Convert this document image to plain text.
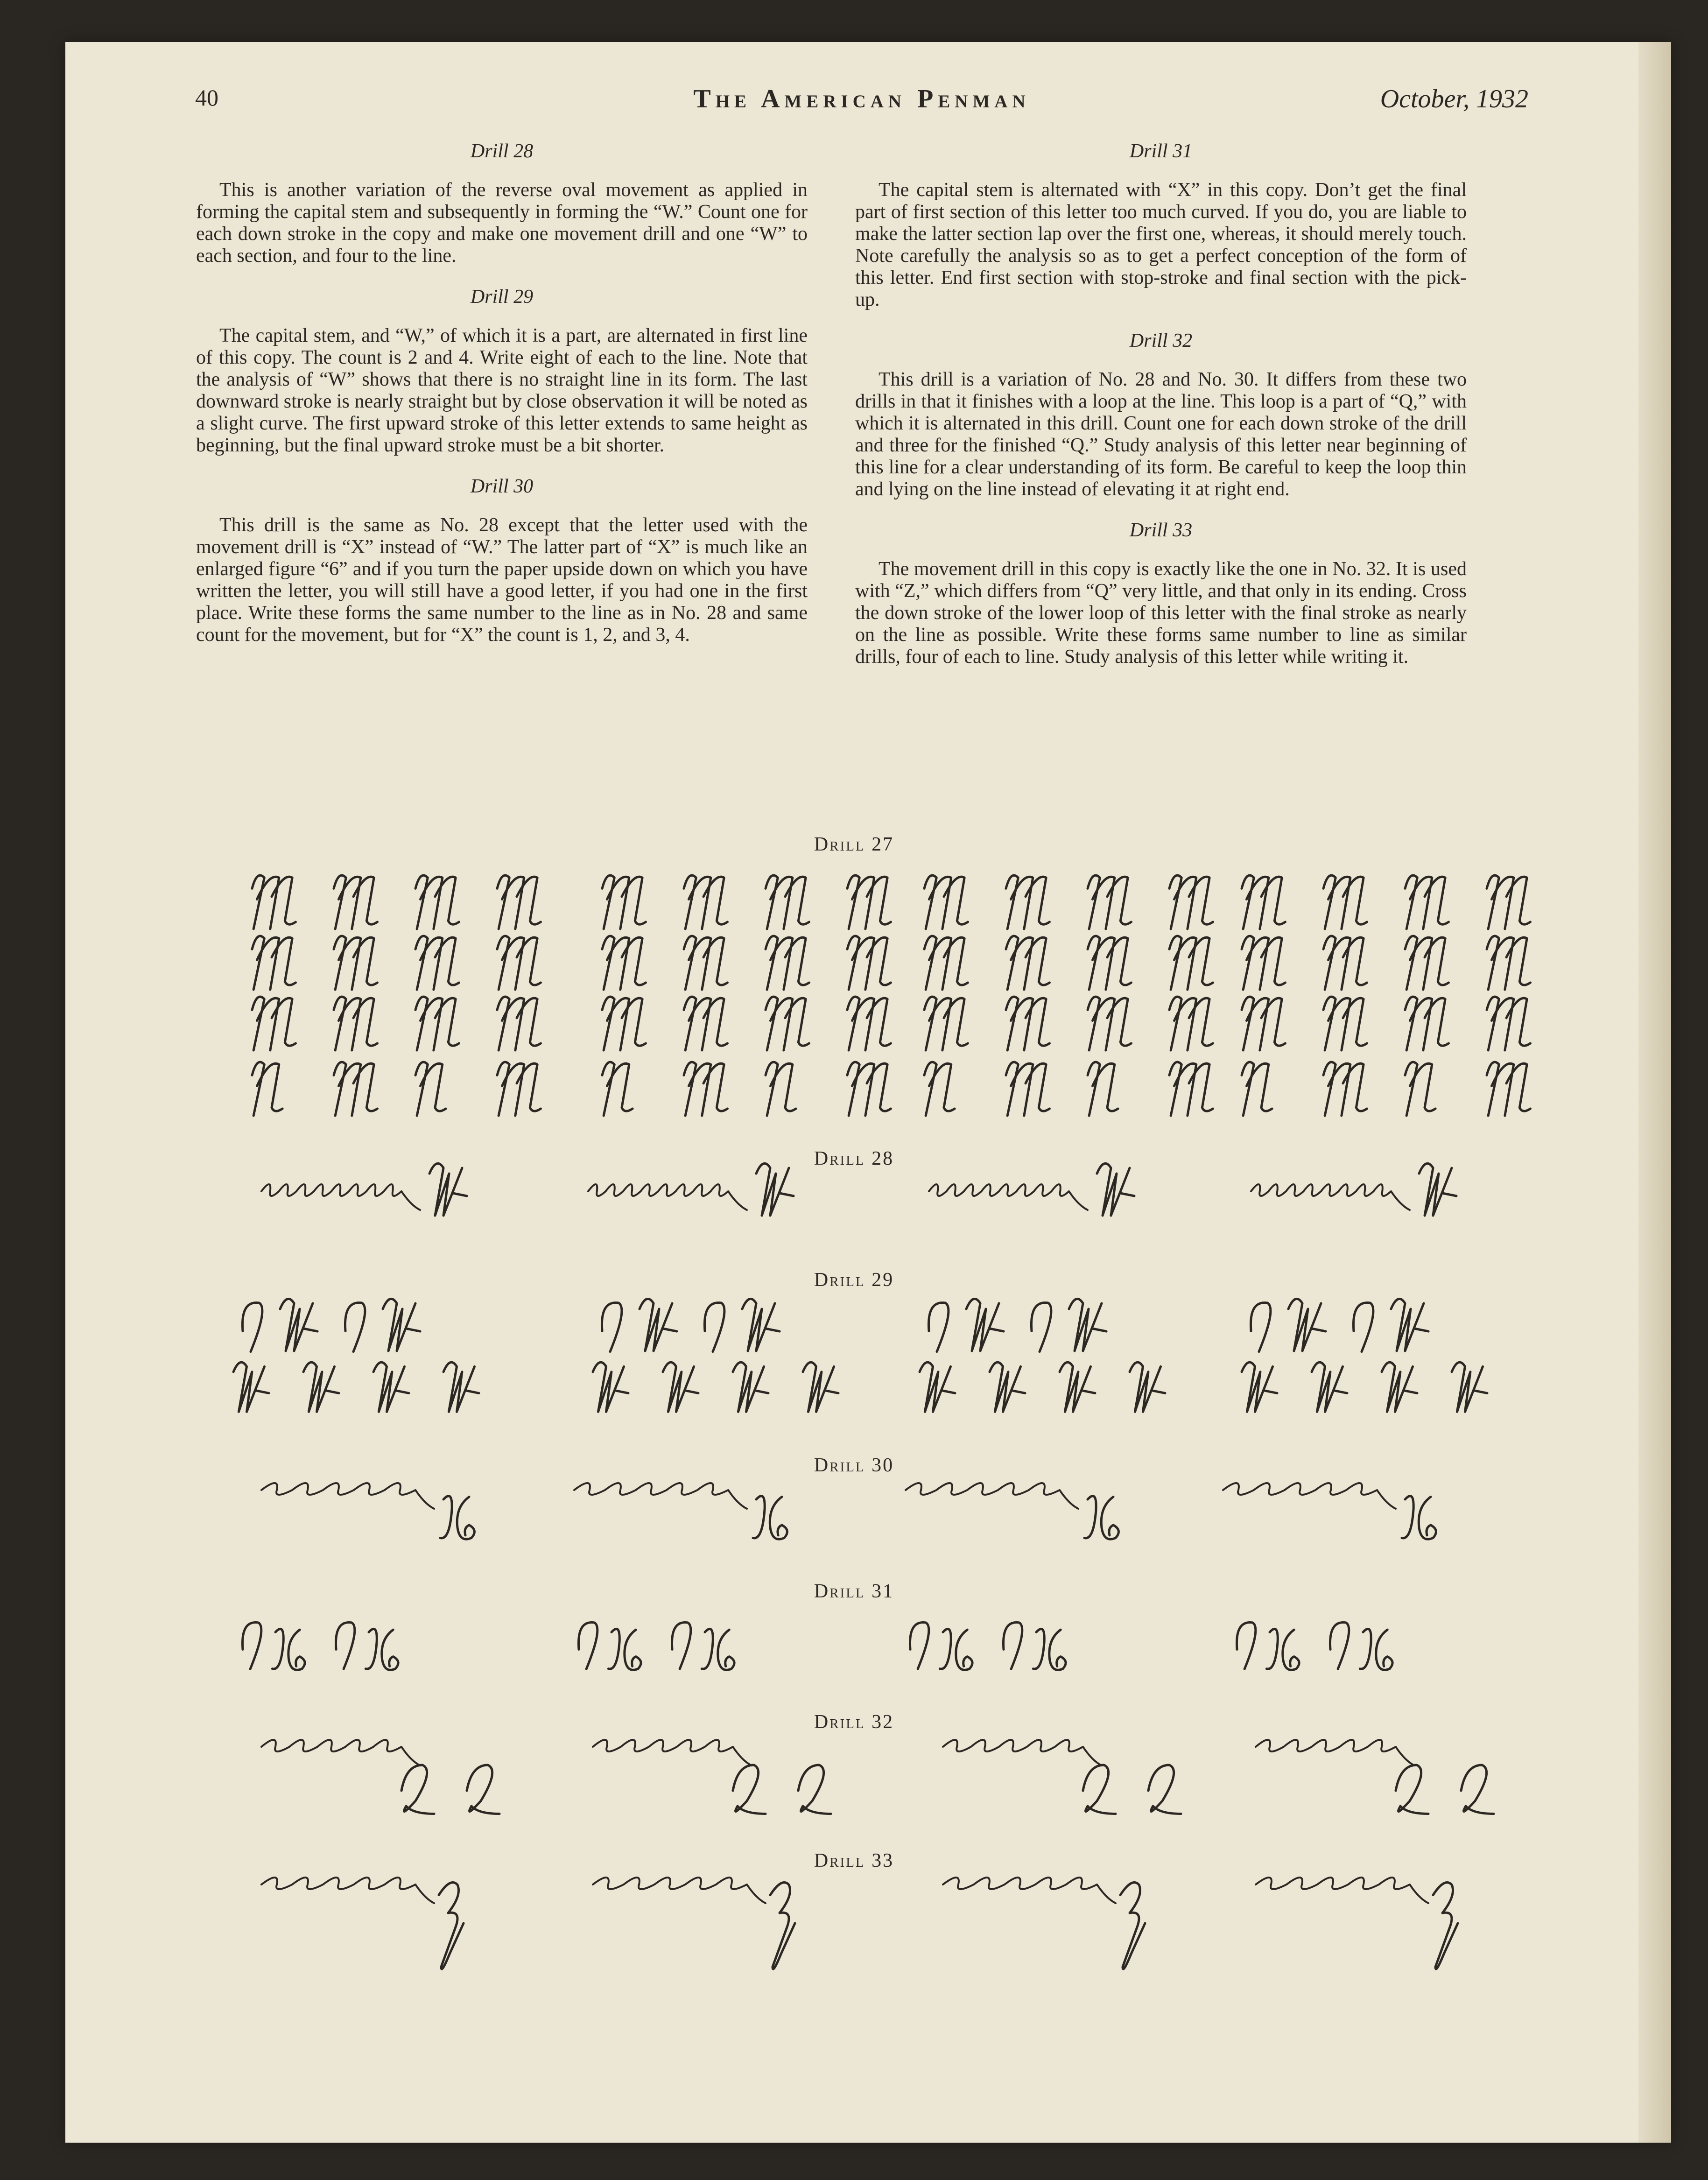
40	The American Penman	October, 1932
Drill 28

This is another variation of the reverse oval movement as applied in forming the capital stem and subsequently in forming the “W.” Count one for each down stroke in the copy and make one movement drill and one “W” to each section, and four to the line.

Drill 29

The capital stem, and “W,” of which it is a part, are alternated in first line of this copy. The count is 2 and 4. Write eight of each to the line. Note that the analysis of “W” shows that there is no straight line in its form. The last downward stroke is nearly straight but by close observation it will be noted as a slight curve. The first upward stroke of this letter extends to same height as beginning, but the final upward stroke must be a bit shorter.

Drill 30

This drill is the same as No. 28 except that the letter used with the movement drill is “X” instead of “W.” The latter part of “X” is much like an enlarged figure “6” and if you turn the paper upside down on which you have written the letter, you will still have a good letter, if you had one in the first place. Write these forms the same number to the line as in No. 28 and same count for the movement, but for “X” the count is 1, 2, and 3, 4.

Drill 31

The capital stem is alternated with “X” in this copy. Don’t get the final part of first section of this letter too much curved. If you do, you are liable to make the latter section lap over the first one, whereas, it should merely touch. Note carefully the analysis so as to get a perfect conception of the form of this letter. End first section with stop-stroke and final section with the pick-up.

Drill 32

This drill is a variation of No. 28 and No. 30. It differs from these two drills in that it finishes with a loop at the line. This loop is a part of “Q,” with which it is alternated in this drill. Count one for each down stroke of the drill and three for the finished “Q.” Study analysis of this letter near beginning of this line for a clear understanding of its form. Be careful to keep the loop thin and lying on the line instead of elevating it at right end.

Drill 33

The movement drill in this copy is exactly like the one in No. 32. It is used with “Z,” which differs from “Q” very little, and that only in its ending. Cross the down stroke of the lower loop of this letter with the final stroke as nearly on the line as possible. Write these forms same number to line as similar drills, four of each to line. Study analysis of this letter while writing it.

Drill 27
Drill 28
Drill 29
Drill 30
Drill 31
Drill 32
Drill 33
